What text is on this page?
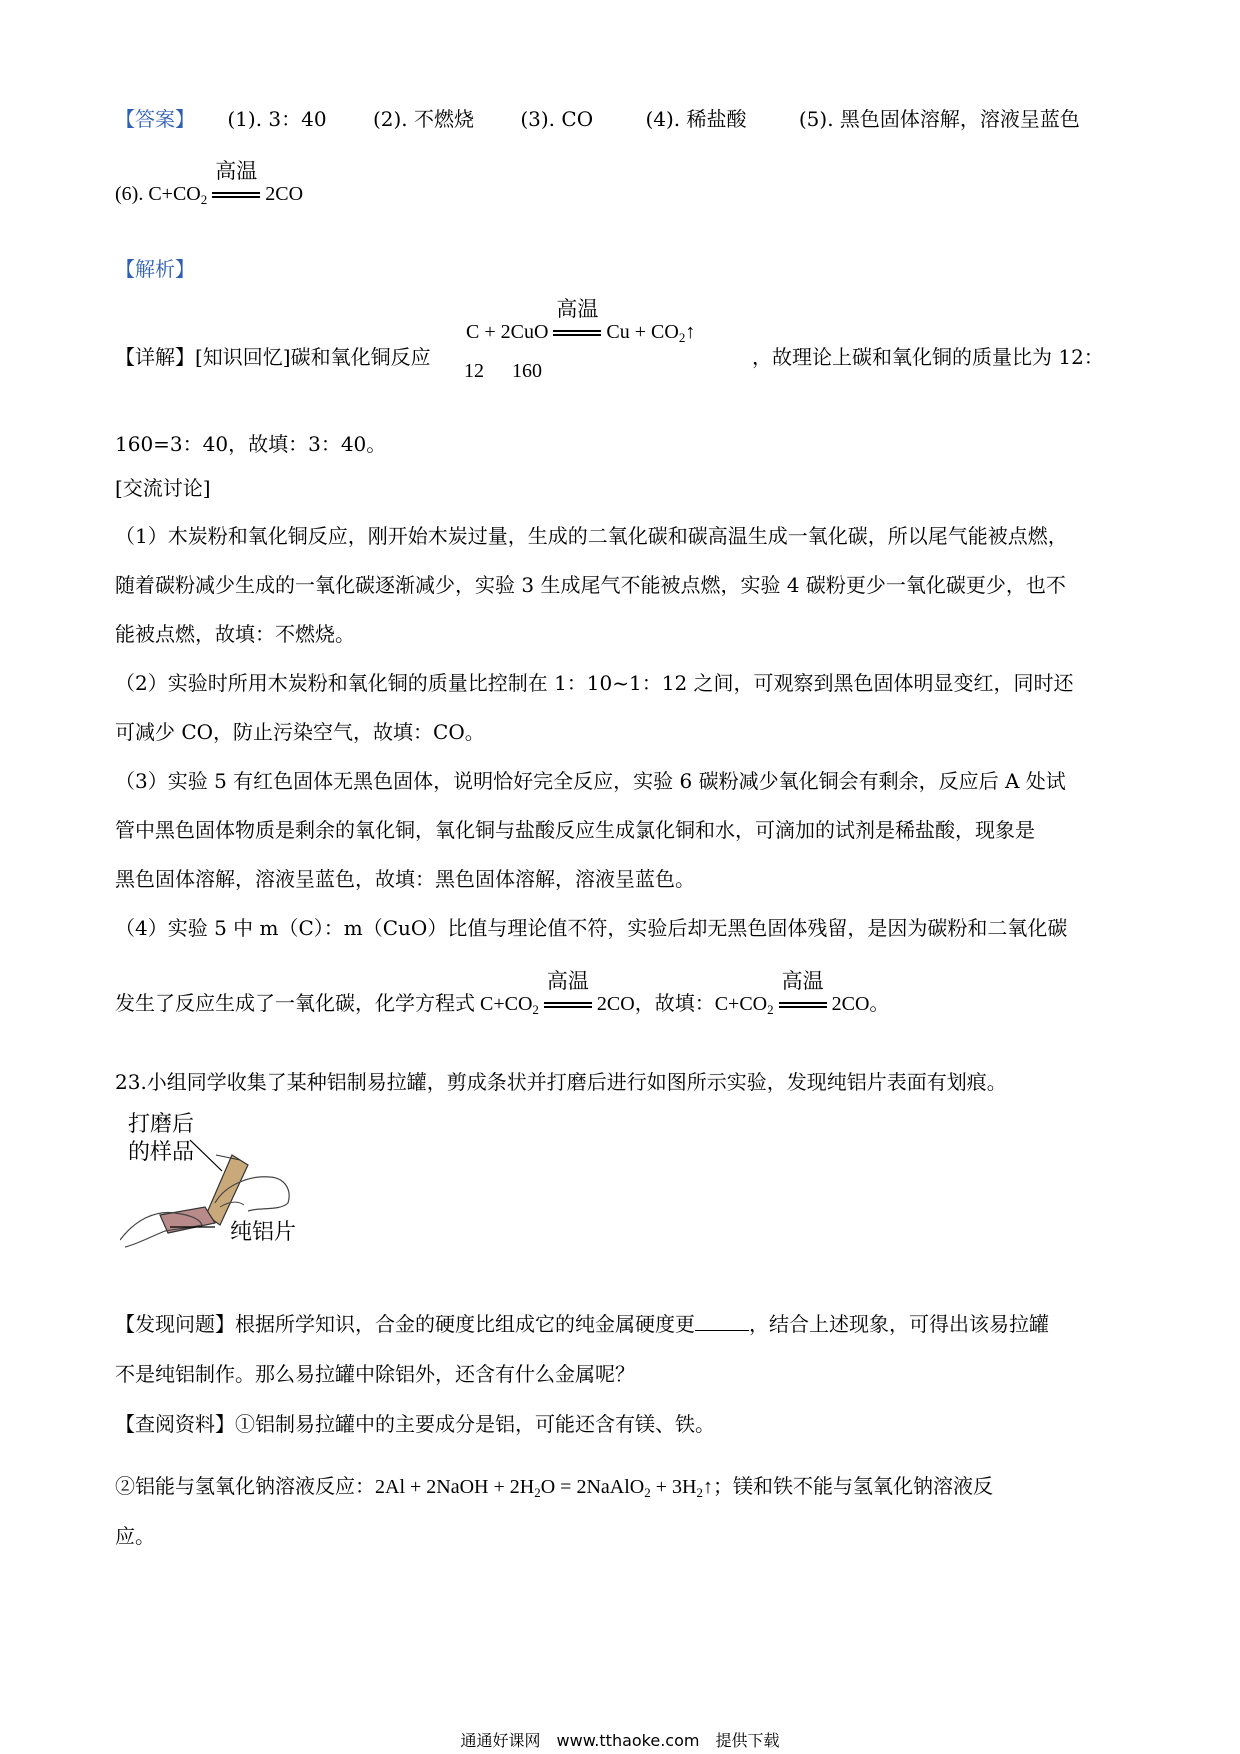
【答案】 (1). 3：40 (2). 不燃烧 (3). CO	(4). 稀盐酸	(5). 黑色固体溶解，溶液呈蓝色
(6). $C+CO_2$
高温
2CO
【解析】
【详解】[知识回忆]碳和氧化铜反应
C + 2CuO
高温
$Cu + CO_2↑$
12 160
，故理论上碳和氧化铜的质量比为 12：
160=3：40，故填：3：40。
[交流讨论]
（1）木炭粉和氧化铜反应，刚开始木炭过量，生成的二氧化碳和碳高温生成一氧化碳，所以尾气能被点燃，
随着碳粉减少生成的一氧化碳逐渐减少，实验 3 生成尾气不能被点燃，实验 4 碳粉更少一氧化碳更少，也不
能被点燃，故填：不燃烧。
（2）实验时所用木炭粉和氧化铜的质量比控制在 1：10~1：12 之间，可观察到黑色固体明显变红，同时还
可减少 CO，防止污染空气，故填：CO。
（3）实验 5 有红色固体无黑色固体，说明恰好完全反应，实验 6 碳粉减少氧化铜会有剩余，反应后 A 处试
管中黑色固体物质是剩余的氧化铜，氧化铜与盐酸反应生成氯化铜和水，可滴加的试剂是稀盐酸，现象是
黑色固体溶解，溶液呈蓝色，故填：黑色固体溶解，溶液呈蓝色。
（4）实验 5 中 m（C）：m（CuO）比值与理论值不符，实验后却无黑色固体残留，是因为碳粉和二氧化碳
发生了反应生成了一氧化碳，化学方程式 $C+CO_2$
高温
2CO，故填：$C+CO_2$
高温
2CO。
23.小组同学收集了某种铝制易拉罐，剪成条状并打磨后进行如图所示实验，发现纯铝片表面有划痕。
打磨后
的样品
纯铝片
【发现问题】根据所学知识，合金的硬度比组成它的纯金属硬度更	，结合上述现象，可得出该易拉罐
不是纯铝制作。那么易拉罐中除铝外，还含有什么金属呢？
【查阅资料】①铝制易拉罐中的主要成分是铝，可能还含有镁、铁。
②铝能与氢氧化钠溶液反应：2Al + 2NaOH + $2H_2O$ = 2NaAlO$_2$ + $3H_2↑$；镁和铁不能与氢氧化钠溶液反
应。
通通好课网　www.tthaoke.com　提供下载
